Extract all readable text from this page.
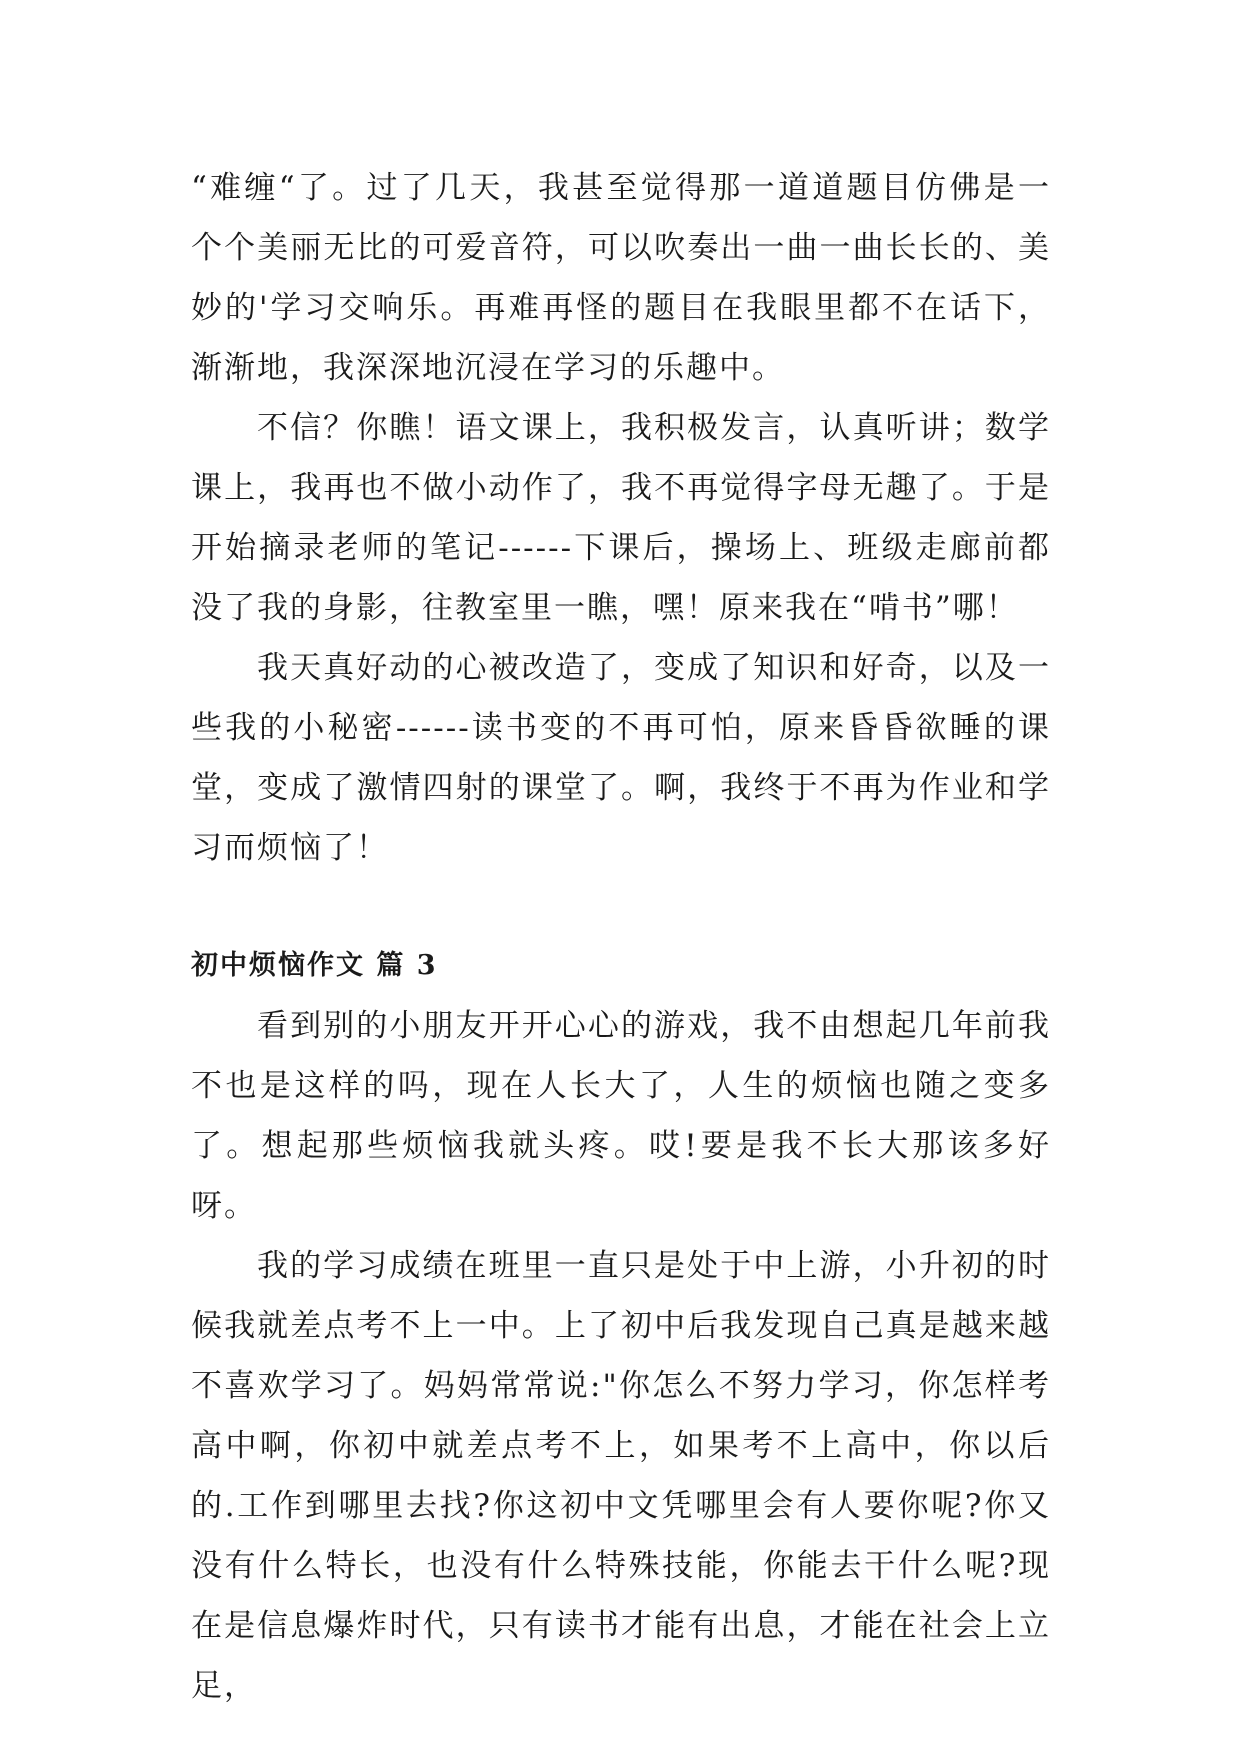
“难缠“了。过了几天，我甚至觉得那一道道题目仿佛是一个个美丽无比的可爱音符，可以吹奏出一曲一曲长长的、美妙的'学习交响乐。再难再怪的题目在我眼里都不在话下，渐渐地，我深深地沉浸在学习的乐趣中。

不信？你瞧！语文课上，我积极发言，认真听讲；数学课上，我再也不做小动作了，我不再觉得字母无趣了。于是开始摘录老师的笔记------下课后，操场上、班级走廊前都没了我的身影，往教室里一瞧，嘿！原来我在“啃书”哪！

我天真好动的心被改造了，变成了知识和好奇，以及一些我的小秘密------读书变的不再可怕，原来昏昏欲睡的课堂，变成了激情四射的课堂了。啊，我终于不再为作业和学习而烦恼了！

初中烦恼作文 篇 3

看到别的小朋友开开心心的游戏，我不由想起几年前我不也是这样的吗，现在人长大了，人生的烦恼也随之变多了。想起那些烦恼我就头疼。哎!要是我不长大那该多好呀。

我的学习成绩在班里一直只是处于中上游，小升初的时候我就差点考不上一中。上了初中后我发现自己真是越来越不喜欢学习了。妈妈常常说:"你怎么不努力学习，你怎样考高中啊，你初中就差点考不上，如果考不上高中，你以后的.工作到哪里去找?你这初中文凭哪里会有人要你呢?你又没有什么特长，也没有什么特殊技能，你能去干什么呢?现在是信息爆炸时代，只有读书才能有出息，才能在社会上立足，
